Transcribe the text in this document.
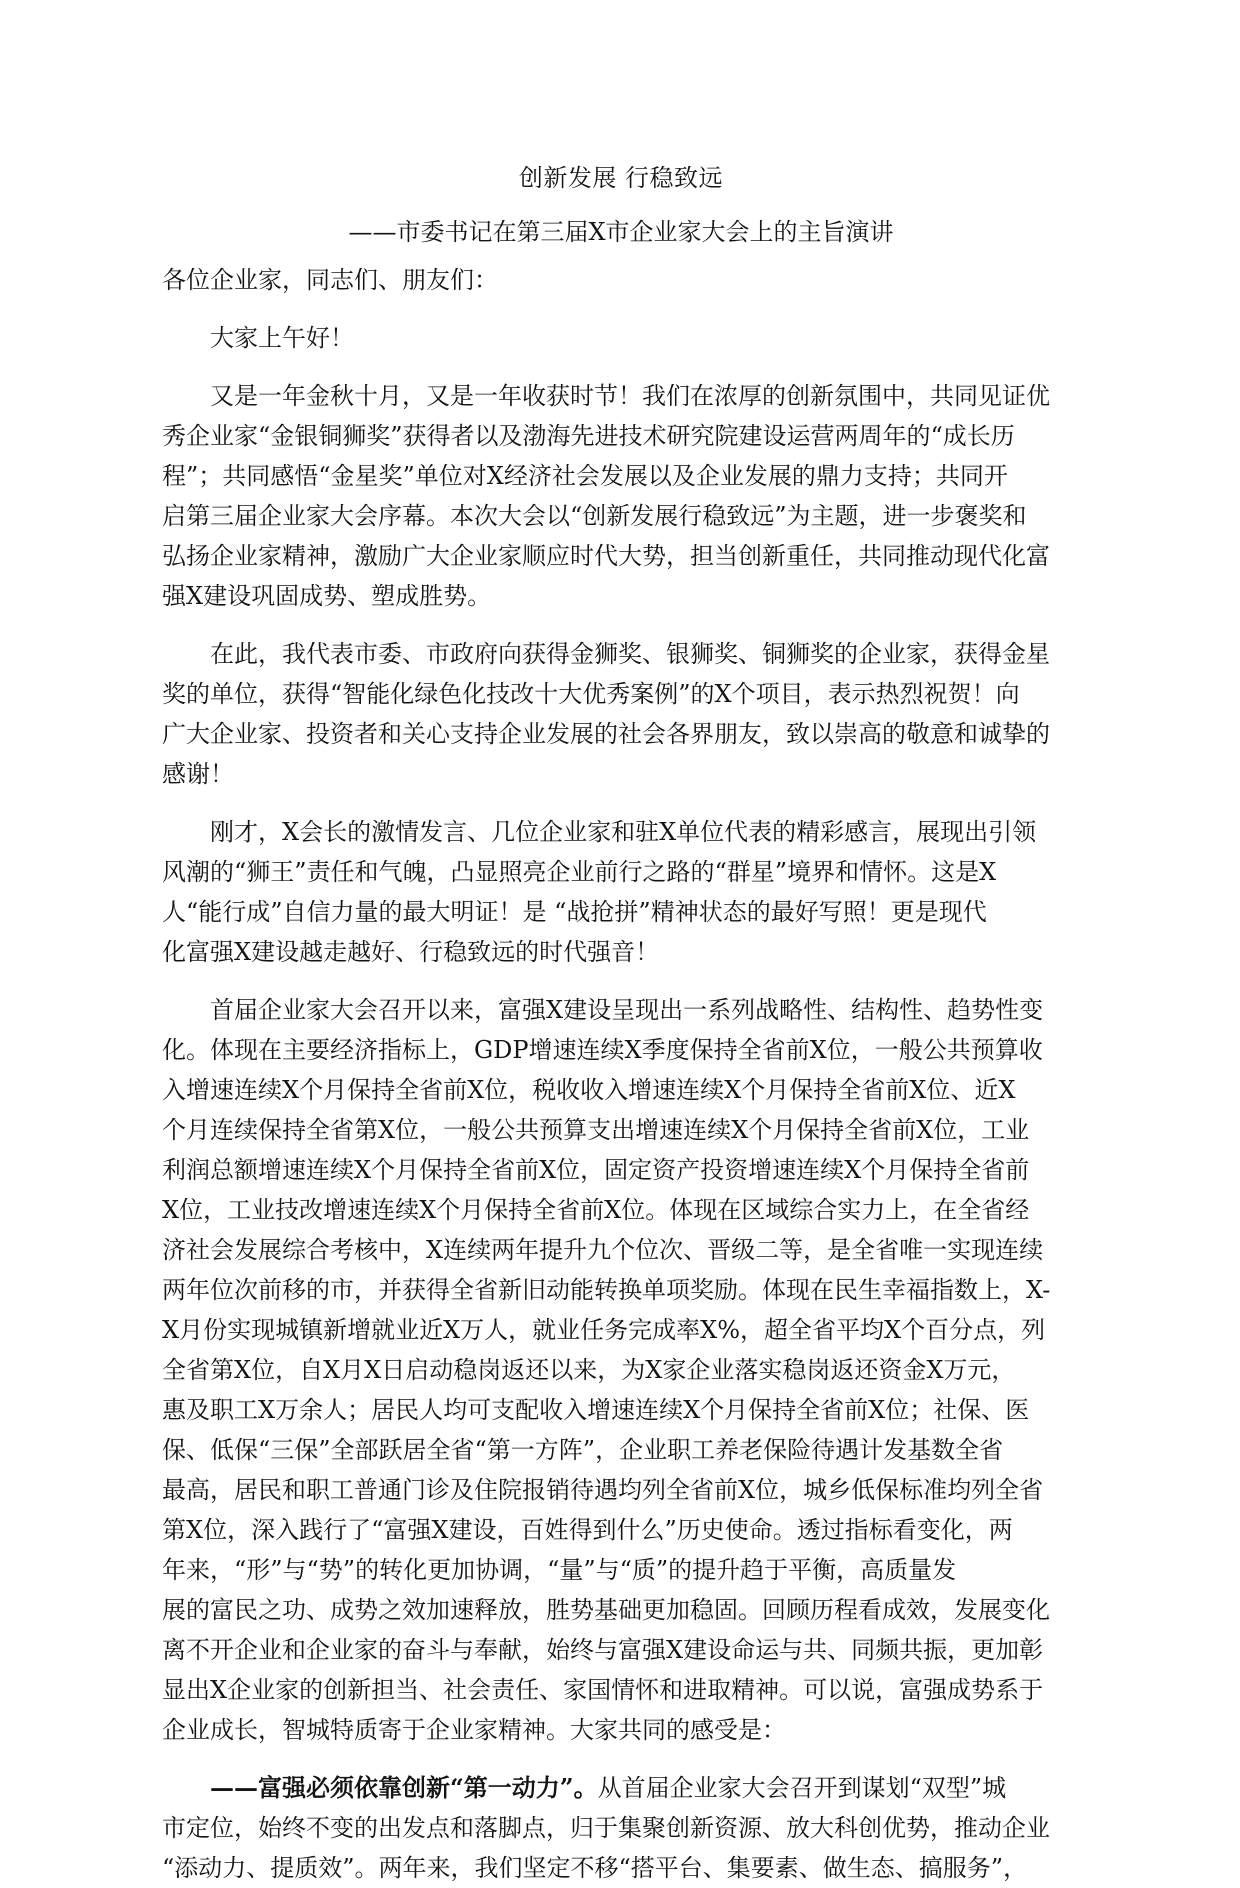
创新发展 行稳致远
——市委书记在第三届X市企业家大会上的主旨演讲
各位企业家，同志们、朋友们：
大家上午好！
又是一年金秋十月，又是一年收获时节！我们在浓厚的创新氛围中，共同见证优
秀企业家“金银铜狮奖”获得者以及渤海先进技术研究院建设运营两周年的“成长历
程”；共同感悟“金星奖”单位对X经济社会发展以及企业发展的鼎力支持；共同开
启第三届企业家大会序幕。本次大会以“创新发展行稳致远”为主题，进一步褒奖和
弘扬企业家精神，激励广大企业家顺应时代大势，担当创新重任，共同推动现代化富
强X建设巩固成势、塑成胜势。
在此，我代表市委、市政府向获得金狮奖、银狮奖、铜狮奖的企业家，获得金星
奖的单位，获得“智能化绿色化技改十大优秀案例”的X个项目，表示热烈祝贺！向
广大企业家、投资者和关心支持企业发展的社会各界朋友，致以崇高的敬意和诚挚的
感谢！
刚才，X会长的激情发言、几位企业家和驻X单位代表的精彩感言，展现出引领
风潮的“狮王”责任和气魄，凸显照亮企业前行之路的“群星”境界和情怀。这是X
人“能行成”自信力量的最大明证！是 “战抢拼”精神状态的最好写照！更是现代
化富强X建设越走越好、行稳致远的时代强音！
首届企业家大会召开以来，富强X建设呈现出一系列战略性、结构性、趋势性变
化。体现在主要经济指标上，GDP增速连续X季度保持全省前X位，一般公共预算收
入增速连续X个月保持全省前X位，税收收入增速连续X个月保持全省前X位、近X
个月连续保持全省第X位，一般公共预算支出增速连续X个月保持全省前X位，工业
利润总额增速连续X个月保持全省前X位，固定资产投资增速连续X个月保持全省前
X位，工业技改增速连续X个月保持全省前X位。体现在区域综合实力上，在全省经
济社会发展综合考核中，X连续两年提升九个位次、晋级二等，是全省唯一实现连续
两年位次前移的市，并获得全省新旧动能转换单项奖励。体现在民生幸福指数上，X-
X月份实现城镇新增就业近X万人，就业任务完成率X%，超全省平均X个百分点，列
全省第X位，自X月X日启动稳岗返还以来，为X家企业落实稳岗返还资金X万元，
惠及职工X万余人；居民人均可支配收入增速连续X个月保持全省前X位；社保、医
保、低保“三保”全部跃居全省“第一方阵”，企业职工养老保险待遇计发基数全省
最高，居民和职工普通门诊及住院报销待遇均列全省前X位，城乡低保标准均列全省
第X位，深入践行了“富强X建设，百姓得到什么”历史使命。透过指标看变化，两
年来，“形”与“势”的转化更加协调，“量”与“质”的提升趋于平衡，高质量发
展的富民之功、成势之效加速释放，胜势基础更加稳固。回顾历程看成效，发展变化
离不开企业和企业家的奋斗与奉献，始终与富强X建设命运与共、同频共振，更加彰
显出X企业家的创新担当、社会责任、家国情怀和进取精神。可以说，富强成势系于
企业成长，智城特质寄于企业家精神。大家共同的感受是：
——富强必须依靠创新“第一动力”。从首届企业家大会召开到谋划“双型”城
市定位，始终不变的出发点和落脚点，归于集聚创新资源、放大科创优势，推动企业
“添动力、提质效”。两年来，我们坚定不移“搭平台、集要素、做生态、搞服务”，
